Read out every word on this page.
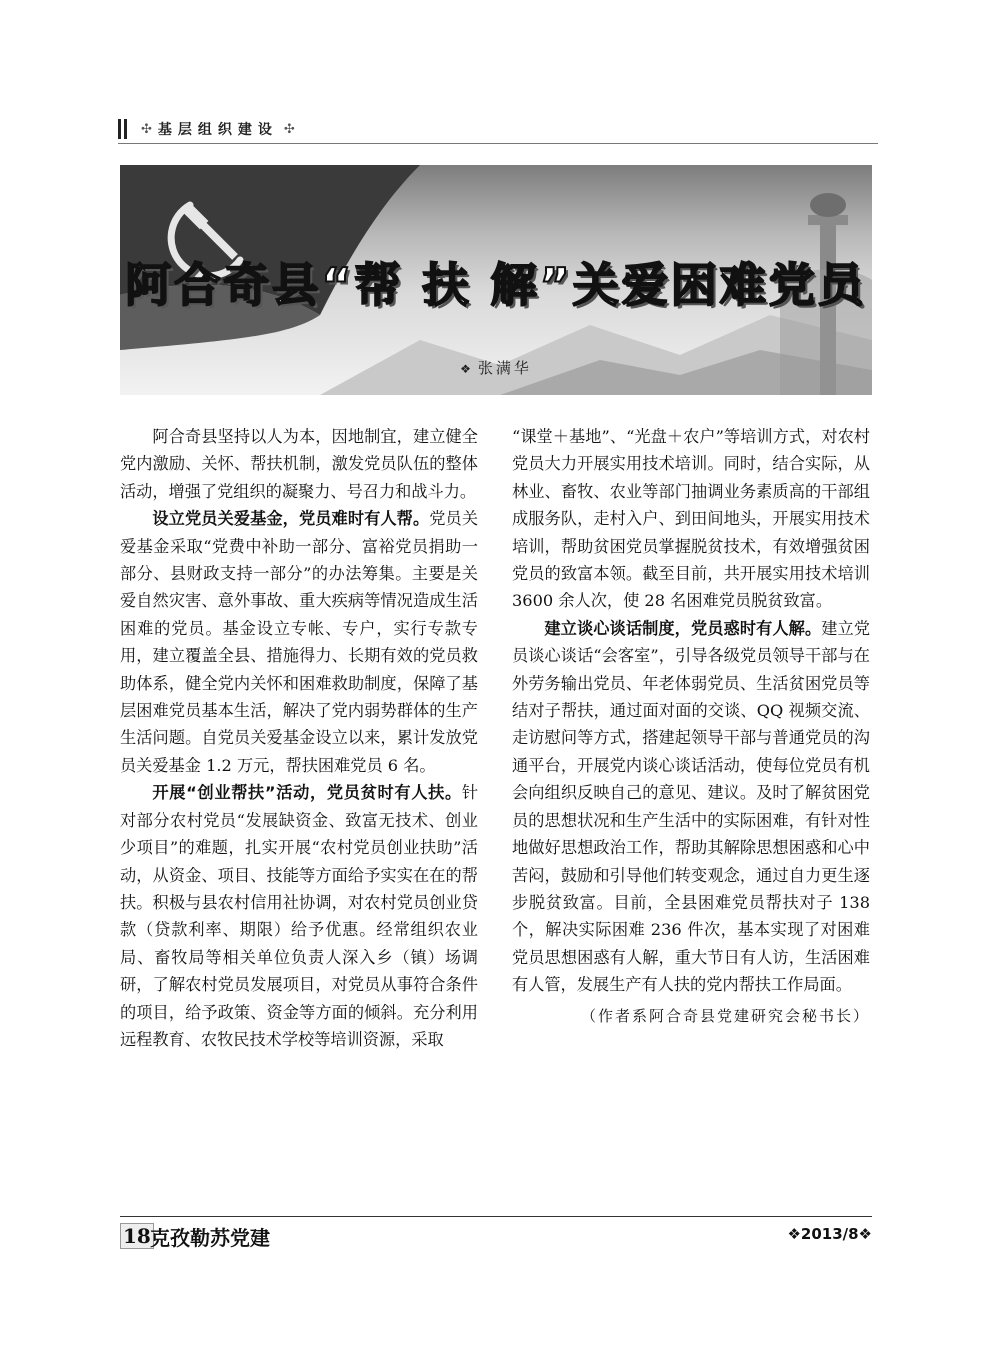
✣ 基层组织建设 ✣
阿合奇县“帮 扶 解”关爱困难党员
❖ 张满华

阿合奇县坚持以人为本，因地制宜，建立健全党内激励、关怀、帮扶机制，激发党员队伍的整体活动，增强了党组织的凝聚力、号召力和战斗力。

设立党员关爱基金，党员难时有人帮。党员关爱基金采取“党费中补助一部分、富裕党员捐助一部分、县财政支持一部分”的办法筹集。主要是关爱自然灾害、意外事故、重大疾病等情况造成生活困难的党员。基金设立专帐、专户，实行专款专用，建立覆盖全县、措施得力、长期有效的党员救助体系，健全党内关怀和困难救助制度，保障了基层困难党员基本生活，解决了党内弱势群体的生产生活问题。自党员关爱基金设立以来，累计发放党员关爱基金 1.2 万元，帮扶困难党员 6 名。

开展“创业帮扶”活动，党员贫时有人扶。针对部分农村党员“发展缺资金、致富无技术、创业少项目”的难题，扎实开展“农村党员创业扶助”活动，从资金、项目、技能等方面给予实实在在的帮扶。积极与县农村信用社协调，对农村党员创业贷款（贷款利率、期限）给予优惠。经常组织农业局、畜牧局等相关单位负责人深入乡（镇）场调研，了解农村党员发展项目，对党员从事符合条件的项目，给予政策、资金等方面的倾斜。充分利用远程教育、农牧民技术学校等培训资源，采取

“课堂＋基地”、“光盘＋农户”等培训方式，对农村党员大力开展实用技术培训。同时，结合实际，从林业、畜牧、农业等部门抽调业务素质高的干部组成服务队，走村入户、到田间地头，开展实用技术培训，帮助贫困党员掌握脱贫技术，有效增强贫困党员的致富本领。截至目前，共开展实用技术培训 3600 余人次，使 28 名困难党员脱贫致富。

建立谈心谈话制度，党员惑时有人解。建立党员谈心谈话“会客室”，引导各级党员领导干部与在外劳务输出党员、年老体弱党员、生活贫困党员等结对子帮扶，通过面对面的交谈、QQ 视频交流、走访慰问等方式，搭建起领导干部与普通党员的沟通平台，开展党内谈心谈话活动，使每位党员有机会向组织反映自己的意见、建议。及时了解贫困党员的思想状况和生产生活中的实际困难，有针对性地做好思想政治工作，帮助其解除思想困惑和心中苦闷，鼓励和引导他们转变观念，通过自力更生逐步脱贫致富。目前，全县困难党员帮扶对子 138 个，解决实际困难 236 件次，基本实现了对困难党员思想困惑有人解，重大节日有人访，生活困难有人管，发展生产有人扶的党内帮扶工作局面。

（作者系阿合奇县党建研究会秘书长）
18 克孜勒苏党建	❖2013/8❖
